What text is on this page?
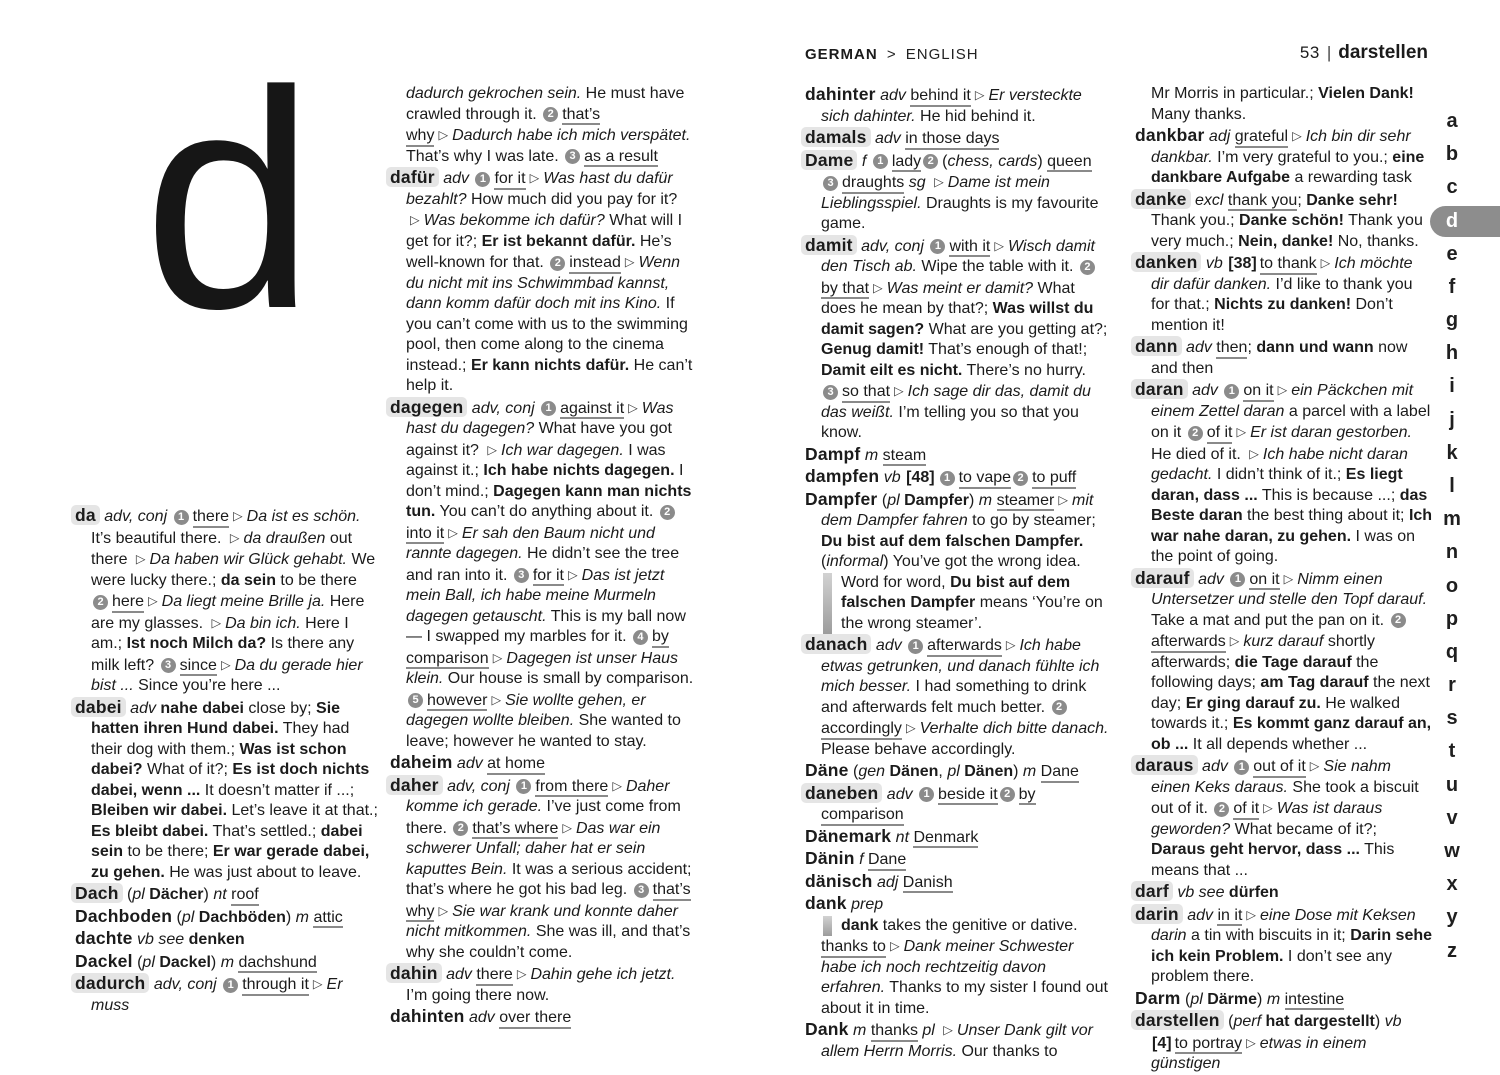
GERMAN > ENGLISH	53 | darstellen
d
da adv, conj 1 there ▷ Da ist es schön. It’s beautiful there. ▷ da draußen out there ▷ Da haben wir Glück gehabt. We were lucky there.; da sein to be there 2 here ▷ Da liegt meine Brille ja. Here are my glasses. ▷ Da bin ich. Here I am.; Ist noch Milch da? Is there any milk left? 3 since ▷ Da du gerade hier bist ... Since you’re here ...
dabei adv nahe dabei close by; Sie hatten ihren Hund dabei. They had their dog with them.; Was ist schon dabei? What of it?; Es ist doch nichts dabei, wenn ... It doesn’t matter if ...; Bleiben wir dabei. Let’s leave it at that.; Es bleibt dabei. That’s settled.; dabei sein to be there; Er war gerade dabei, zu gehen. He was just about to leave.
Dach (pl Dächer) nt roof
Dachboden (pl Dachböden) m attic
dachte vb see denken
Dackel (pl Dackel) m dachshund
dadurch adv, conj 1 through it ▷ Er muss
dadurch gekrochen sein. He must have crawled through it. 2 that’s why ▷ Dadurch habe ich mich verspätet. That’s why I was late. 3 as a result
dafür adv 1 for it ▷ Was hast du dafür bezahlt? How much did you pay for it? ▷ Was bekomme ich dafür? What will I get for it?; Er ist bekannt dafür. He’s well-known for that. 2 instead ▷ Wenn du nicht mit ins Schwimmbad kannst, dann komm dafür doch mit ins Kino. If you can’t come with us to the swimming pool, then come along to the cinema instead.; Er kann nichts dafür. He can’t help it.
dagegen adv, conj 1 against it ▷ Was hast du dagegen? What have you got against it? ▷ Ich war dagegen. I was against it.; Ich habe nichts dagegen. I don’t mind.; Dagegen kann man nichts tun. You can’t do anything about it. 2into it ▷ Er sah den Baum nicht und rannte dagegen. He didn’t see the tree and ran into it. 3 for it ▷ Das ist jetzt mein Ball, ich habe meine Murmeln dagegen getauscht. This is my ball now — I swapped my marbles for it. 4 by comparison ▷ Dagegen ist unser Haus klein. Our house is small by comparison. 5 however ▷ Sie wollte gehen, er dagegen wollte bleiben. She wanted to leave; however he wanted to stay.
daheim adv at home
daher adv, conj 1 from there ▷ Daher komme ich gerade. I’ve just come from there. 2 that’s where ▷ Das war ein schwerer Unfall; daher hat er sein kaputtes Bein. It was a serious accident; that’s where he got his bad leg. 3 that’s why ▷ Sie war krank und konnte daher nicht mitkommen. She was ill, and that’s why she couldn’t come.
dahin adv there ▷ Dahin gehe ich jetzt. I’m going there now.
dahinten adv over there
dahinter adv behind it ▷ Er versteckte sich dahinter. He hid behind it.
damals adv in those days
Dame f 1 lady 2 (chess, cards) queen3 draughts sg ▷ Dame ist mein Lieblingsspiel. Draughts is my favourite game.
damit adv, conj 1 with it ▷ Wisch damit den Tisch ab. Wipe the table with it. 2by that ▷ Was meint er damit? What does he mean by that?; Was willst du damit sagen? What are you getting at?; Genug damit! That’s enough of that!; Damit eilt es nicht. There’s no hurry. 3 so that ▷ Ich sage dir das, damit du das weißt. I’m telling you so that you know.
Dampf m steam
dampfen vb [48] 1 to vape 2 to puff
Dampfer (pl Dampfer) m steamer ▷ mit dem Dampfer fahren to go by steamer; Du bist auf dem falschen Dampfer. (informal) You’ve got the wrong idea.
Word for word, Du bist auf dem falschen Dampfer means ‘You’re on the wrong steamer’.
danach adv 1 afterwards ▷ Ich habe etwas getrunken, und danach fühlte ich mich besser. I had something to drink and afterwards felt much better. 2accordingly ▷ Verhalte dich bitte danach. Please behave accordingly.
Däne (gen Dänen, pl Dänen) m Dane
daneben adv 1 beside it 2 by comparison
Dänemark nt Denmark
Dänin f Dane
dänisch adj Danish
dank prep
dank takes the genitive or dative.
thanks to ▷ Dank meiner Schwester habe ich noch rechtzeitig davon erfahren. Thanks to my sister I found out about it in time.
Dank m thanks pl ▷ Unser Dank gilt vor allem Herrn Morris. Our thanks to
Mr Morris in particular.; Vielen Dank! Many thanks.
dankbar adj grateful ▷ Ich bin dir sehr dankbar. I’m very grateful to you.; eine dankbare Aufgabe a rewarding task
danke excl thank you; Danke sehr! Thank you.; Danke schön! Thank you very much.; Nein, danke! No, thanks.
danken vb [38] to thank ▷ Ich möchte dir dafür danken. I’d like to thank you for that.; Nichts zu danken! Don’t mention it!
dann adv then; dann und wann now and then
daran adv 1 on it ▷ ein Päckchen mit einem Zettel daran a parcel with a label on it 2 of it ▷ Er ist daran gestorben. He died of it. ▷ Ich habe nicht daran gedacht. I didn’t think of it.; Es liegt daran, dass ... This is because ...; das Beste daran the best thing about it; Ich war nahe daran, zu gehen. I was on the point of going.
darauf adv 1 on it ▷ Nimm einen Untersetzer und stelle den Topf darauf. Take a mat and put the pan on it. 2afterwards ▷ kurz darauf shortly afterwards; die Tage darauf the following days; am Tag darauf the next day; Er ging darauf zu. He walked towards it.; Es kommt ganz darauf an, ob ... It all depends whether ...
daraus adv 1 out of it ▷ Sie nahm einen Keks daraus. She took a biscuit out of it. 2 of it ▷ Was ist daraus geworden? What became of it?; Daraus geht hervor, dass ... This means that ...
darf vb see dürfen
darin adv in it ▷ eine Dose mit Keksen darin a tin with biscuits in it; Darin sehe ich kein Problem. I don’t see any problem there.
Darm (pl Därme) m intestine
darstellen (perf hat dargestellt) vb [4] to portray ▷ etwas in einem günstigen
a
b
c
d
e
f
g
h
i
j
k
l
m
n
o
p
q
r
s
t
u
v
w
x
y
z
